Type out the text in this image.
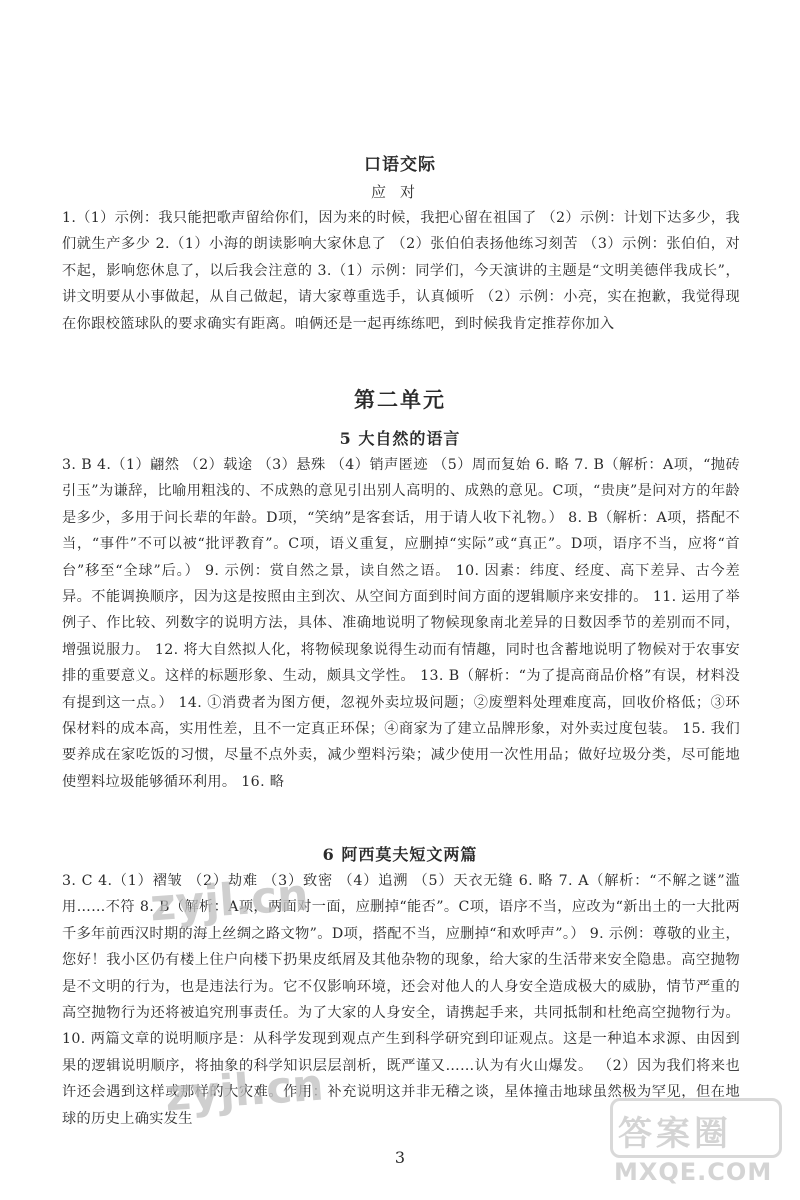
口语交际
应对
1.（1）示例：我只能把歌声留给你们，因为来的时候，我把心留在祖国了 （2）示例：计划下达多少，我们就生产多少 2.（1）小海的朗读影响大家休息了 （2）张伯伯表扬他练习刻苦 （3）示例：张伯伯，对不起，影响您休息了，以后我会注意的 3.（1）示例：同学们，今天演讲的主题是“文明美德伴我成长”，讲文明要从小事做起，从自己做起，请大家尊重选手，认真倾听 （2）示例：小亮，实在抱歉，我觉得现在你跟校篮球队的要求确实有距离。咱俩还是一起再练练吧，到时候我肯定推荐你加入
第二单元
5 大自然的语言
3. B 4.（1）翩然 （2）载途 （3）悬殊 （4）销声匿迹 （5）周而复始 6. 略 7. B（解析：A项，“抛砖引玉”为谦辞，比喻用粗浅的、不成熟的意见引出别人高明的、成熟的意见。C项，“贵庚”是问对方的年龄是多少，多用于问长辈的年龄。D项，“笑纳”是客套话，用于请人收下礼物。） 8. B（解析：A项，搭配不当，“事件”不可以被“批评教育”。C项，语义重复，应删掉“实际”或“真正”。D项，语序不当，应将“首台”移至“全球”后。） 9. 示例：赏自然之景，读自然之语。 10. 因素：纬度、经度、高下差异、古今差异。不能调换顺序，因为这是按照由主到次、从空间方面到时间方面的逻辑顺序来安排的。 11. 运用了举例子、作比较、列数字的说明方法，具体、准确地说明了物候现象南北差异的日数因季节的差别而不同，增强说服力。 12. 将大自然拟人化，将物候现象说得生动而有情趣，同时也含蓄地说明了物候对于农事安排的重要意义。这样的标题形象、生动，颇具文学性。 13. B（解析：“为了提高商品价格”有误，材料没有提到这一点。） 14. ①消费者为图方便，忽视外卖垃圾问题；②废塑料处理难度高，回收价格低；③环保材料的成本高，实用性差，且不一定真正环保；④商家为了建立品牌形象，对外卖过度包装。 15. 我们要养成在家吃饭的习惯，尽量不点外卖，减少塑料污染；减少使用一次性用品；做好垃圾分类，尽可能地使塑料垃圾能够循环利用。 16. 略
6 阿西莫夫短文两篇
3. C 4.（1）褶皱 （2）劫难 （3）致密 （4）追溯 （5）天衣无缝 6. 略 7. A（解析：“不解之谜”滥用……不符 8. B（解析：A项，两面对一面，应删掉“能否”。C项，语序不当，应改为“新出土的一大批两千多年前西汉时期的海上丝绸之路文物”。D项，搭配不当，应删掉“和欢呼声”。） 9. 示例：尊敬的业主，您好！我小区仍有楼上住户向楼下扔果皮纸屑及其他杂物的现象，给大家的生活带来安全隐患。高空抛物是不文明的行为，也是违法行为。它不仅影响环境，还会对他人的人身安全造成极大的威胁，情节严重的高空抛物行为还将被追究刑事责任。为了大家的人身安全，请携起手来，共同抵制和杜绝高空抛物行为。 10. 两篇文章的说明顺序是：从科学发现到观点产生到科学研究到印证观点。这是一种追本求源、由因到果的逻辑说明顺序，将抽象的科学知识层层剖析，既严谨又……认为有火山爆发。 （2）因为我们将来也许还会遇到这样或那样的大灾难。作用：补充说明这并非无稽之谈，星体撞击地球虽然极为罕见，但在地球的历史上确实发生
3
zyjl.cn
zyjl.cn
答案圈
MXQE.COM
